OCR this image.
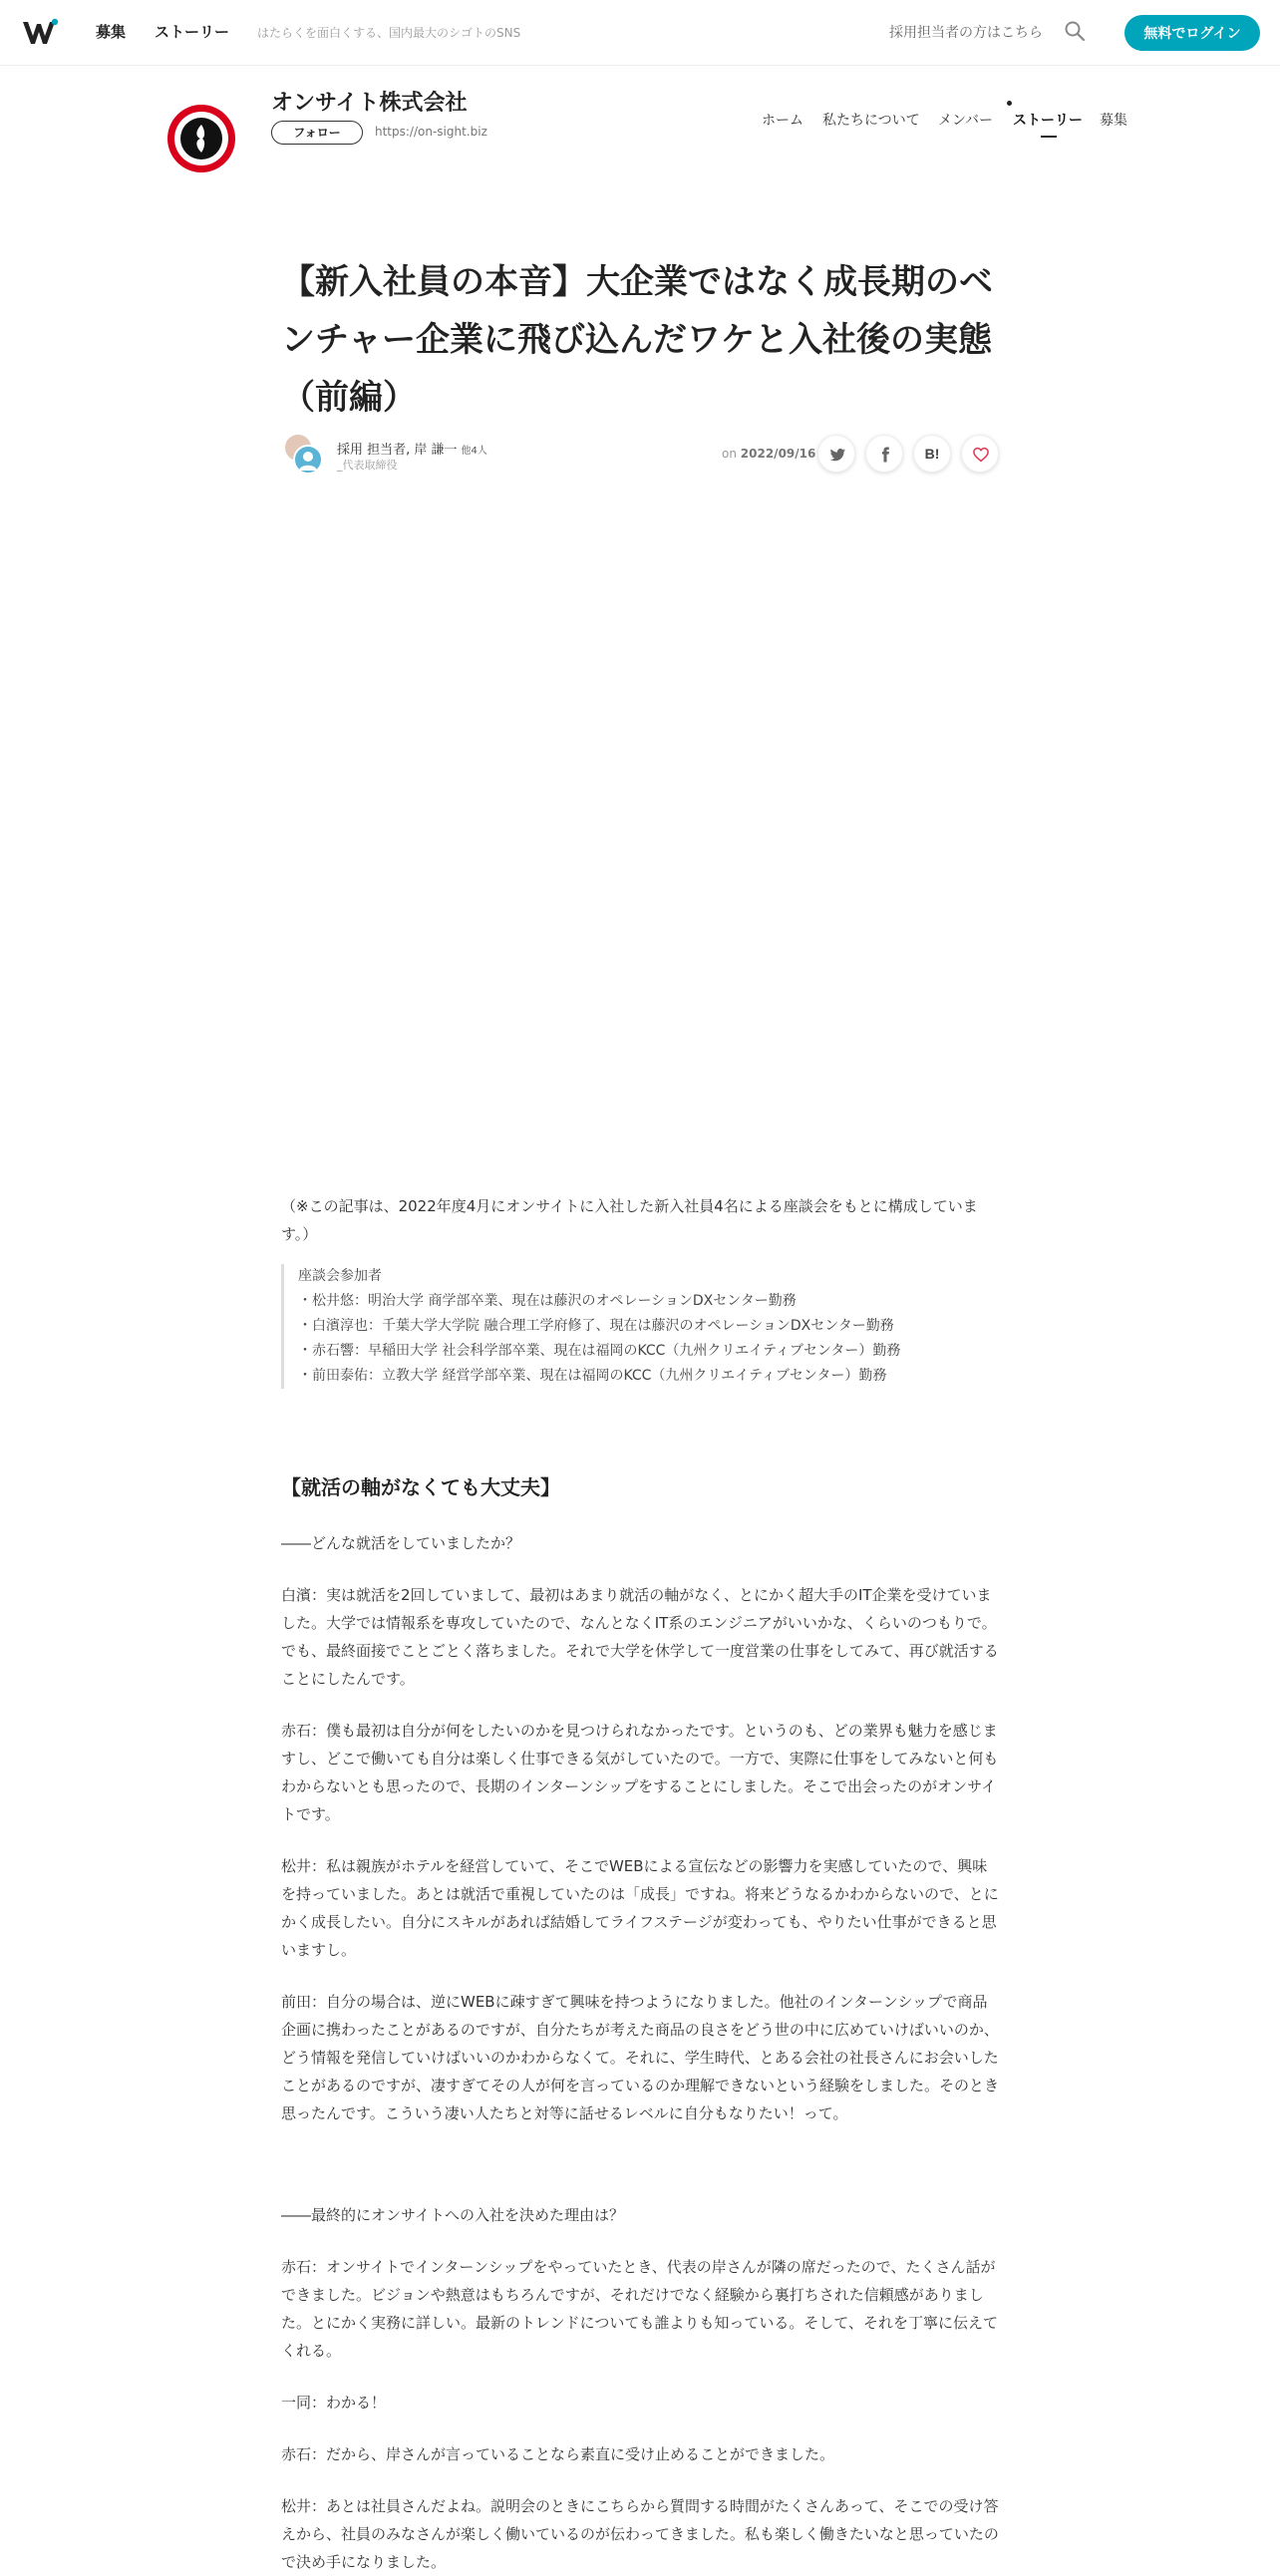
募集 ストーリー はたらくを面白くする、国内最大のシゴトのSNS	採用担当者の方はこちら	無料でログイン
オンサイト株式会社
フォロー	https://on-sight.biz
ホーム 私たちについて メンバー ストーリー 募集
【新入社員の本音】大企業ではなく成長期のベンチャー企業に飛び込んだワケと入社後の実態（前編）
採用 担当者, 岸 謙一 他4人
_代表取締役
on 2022/09/16	B!

（※この記事は、2022年度4月にオンサイトに入社した新入社員4名による座談会をもとに構成しています。）

座談会参加者
・松井悠：明治大学 商学部卒業、現在は藤沢のオペレーションDXセンター勤務
・白濱淳也：千葉大学大学院 融合理工学府修了、現在は藤沢のオペレーションDXセンター勤務
・赤石響：早稲田大学 社会科学部卒業、現在は福岡のKCC（九州クリエイティブセンター）勤務
・前田泰佑：立教大学 経営学部卒業、現在は福岡のKCC（九州クリエイティブセンター）勤務
【就活の軸がなくても大丈夫】

――どんな就活をしていましたか？

白濱：実は就活を2回していまして、最初はあまり就活の軸がなく、とにかく超大手のIT企業を受けていました。大学では情報系を専攻していたので、なんとなくIT系のエンジニアがいいかな、くらいのつもりで。でも、最終面接でことごとく落ちました。それで大学を休学して一度営業の仕事をしてみて、再び就活することにしたんです。

赤石：僕も最初は自分が何をしたいのかを見つけられなかったです。というのも、どの業界も魅力を感じますし、どこで働いても自分は楽しく仕事できる気がしていたので。一方で、実際に仕事をしてみないと何もわからないとも思ったので、長期のインターンシップをすることにしました。そこで出会ったのがオンサイトです。

松井：私は親族がホテルを経営していて、そこでWEBによる宣伝などの影響力を実感していたので、興味を持っていました。あとは就活で重視していたのは「成長」ですね。将来どうなるかわからないので、とにかく成長したい。自分にスキルがあれば結婚してライフステージが変わっても、やりたい仕事ができると思いますし。

前田：自分の場合は、逆にWEBに疎すぎて興味を持つようになりました。他社のインターンシップで商品企画に携わったことがあるのですが、自分たちが考えた商品の良さをどう世の中に広めていけばいいのか、どう情報を発信していけばいいのかわからなくて。それに、学生時代、とある会社の社長さんにお会いしたことがあるのですが、凄すぎてその人が何を言っているのか理解できないという経験をしました。そのとき思ったんです。こういう凄い人たちと対等に話せるレベルに自分もなりたい！って。

――最終的にオンサイトへの入社を決めた理由は？

赤石：オンサイトでインターンシップをやっていたとき、代表の岸さんが隣の席だったので、たくさん話ができました。ビジョンや熱意はもちろんですが、それだけでなく経験から裏打ちされた信頼感がありました。とにかく実務に詳しい。最新のトレンドについても誰よりも知っている。そして、それを丁寧に伝えてくれる。

一同：わかる！

赤石：だから、岸さんが言っていることなら素直に受け止めることができました。

松井：あとは社員さんだよね。説明会のときにこちらから質問する時間がたくさんあって、そこでの受け答えから、社員のみなさんが楽しく働いているのが伝わってきました。私も楽しく働きたいなと思っていたので決め手になりました。
